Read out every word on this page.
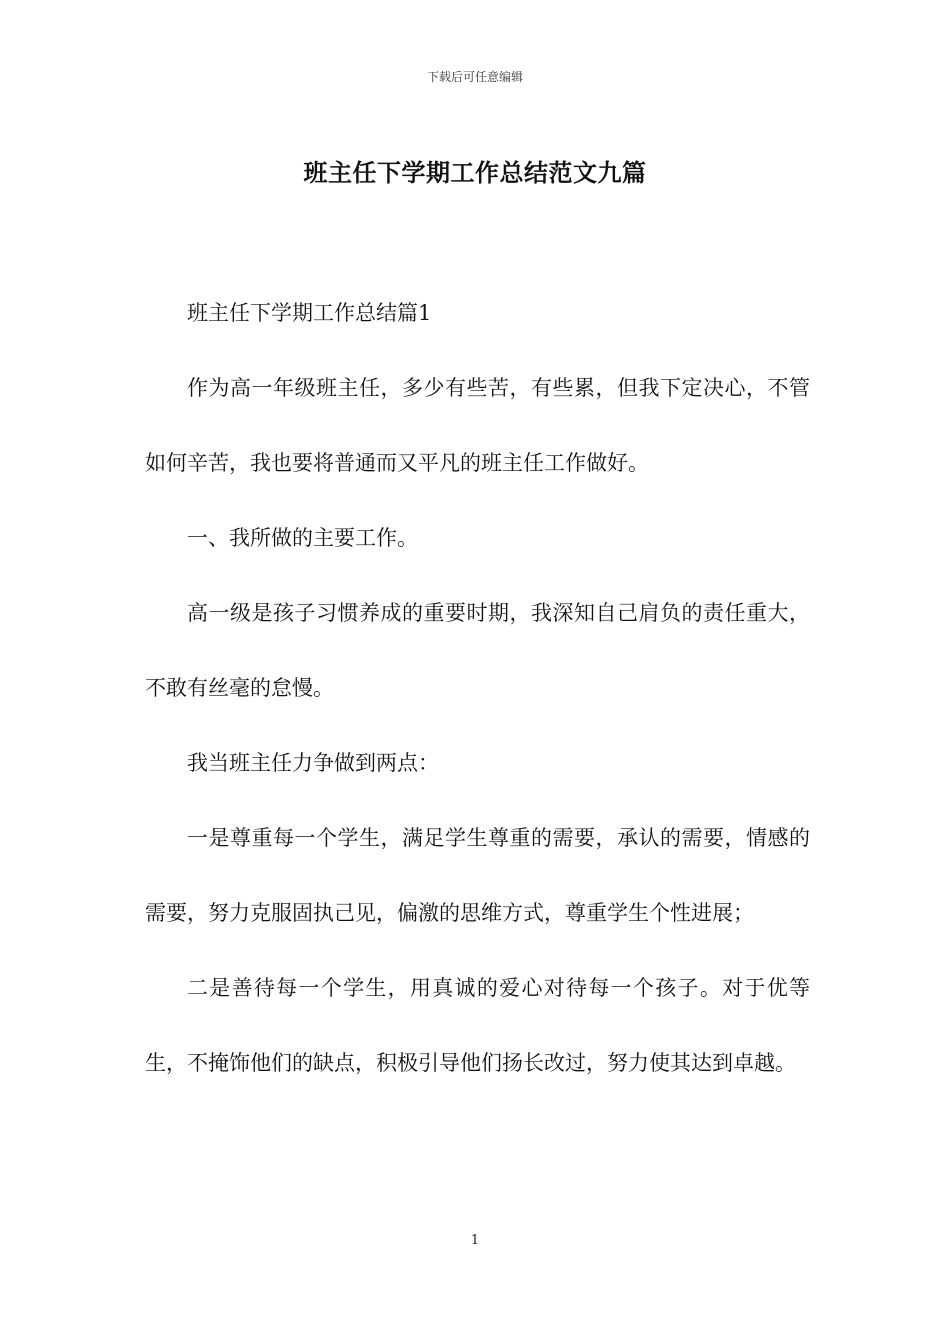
下载后可任意编辑
班主任下学期工作总结范文九篇

班主任下学期工作总结篇1

作为高一年级班主任，多少有些苦，有些累，但我下定决心，不管如何辛苦，我也要将普通而又平凡的班主任工作做好。

一、我所做的主要工作。

高一级是孩子习惯养成的重要时期，我深知自己肩负的责任重大，不敢有丝毫的怠慢。

我当班主任力争做到两点：

一是尊重每一个学生，满足学生尊重的需要，承认的需要，情感的需要，努力克服固执己见，偏激的思维方式，尊重学生个性进展；

二是善待每一个学生，用真诚的爱心对待每一个孩子。对于优等生，不掩饰他们的缺点，积极引导他们扬长改过，努力使其达到卓越。

1
